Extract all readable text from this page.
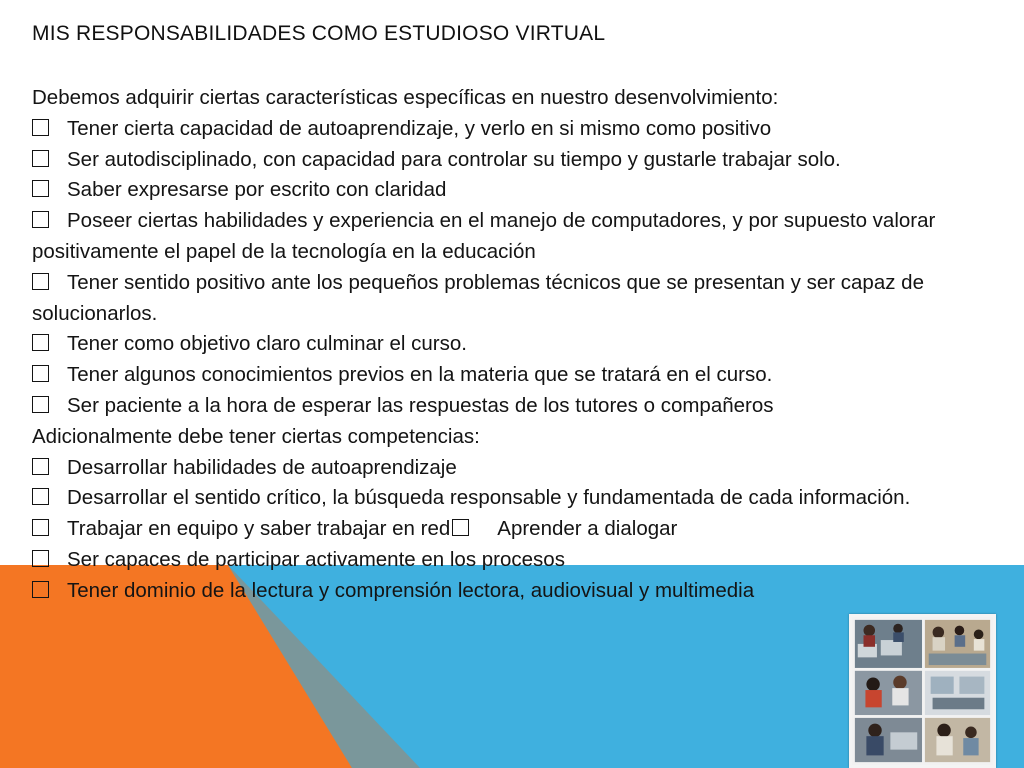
MIS RESPONSABILIDADES COMO ESTUDIOSO VIRTUAL
Debemos adquirir ciertas características específicas en nuestro desenvolvimiento:
Tener cierta capacidad de autoaprendizaje, y verlo en si mismo como positivo
Ser autodisciplinado, con capacidad para controlar su tiempo y gustarle trabajar solo.
Saber expresarse por escrito con claridad
Poseer ciertas habilidades y experiencia en el manejo de computadores, y por supuesto valorar positivamente el papel de la tecnología en la educación
Tener sentido positivo ante los pequeños problemas técnicos que se presentan y ser capaz de solucionarlos.
Tener como objetivo claro culminar el curso.
Tener algunos conocimientos previos en la materia que se tratará en el curso.
Ser paciente a la hora de esperar las respuestas de los tutores o compañeros
Adicionalmente debe tener ciertas competencias:
Desarrollar habilidades de autoaprendizaje
Desarrollar el sentido crítico, la búsqueda responsable y fundamentada de cada información.
Trabajar en equipo y saber trabajar en red Aprender a dialogar
Ser capaces de participar activamente en los procesos
Tener dominio de la lectura y comprensión lectora, audiovisual y multimedia
